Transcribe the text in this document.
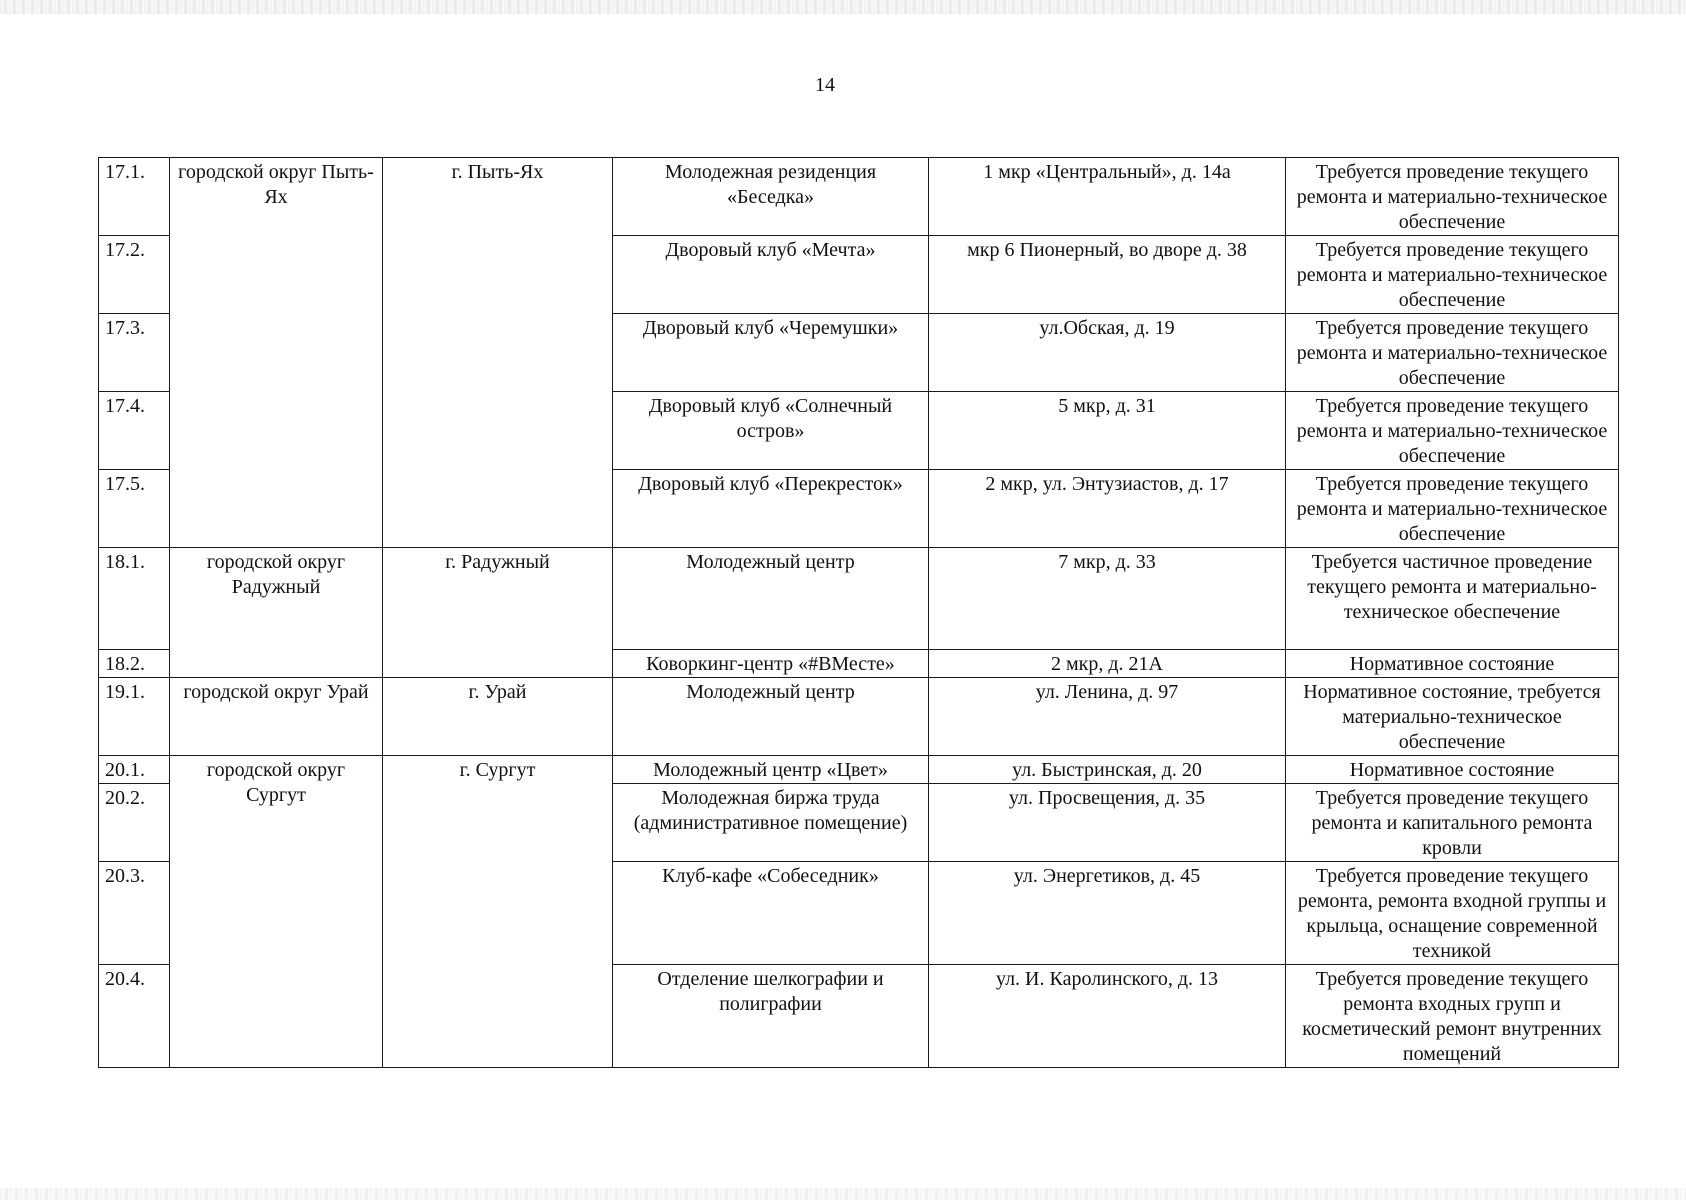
14
17.1.	городской округ Пыть-Ях	г. Пыть-Ях	Молодежная резиденция «Беседка»	1 мкр «Центральный», д. 14а	Требуется проведение текущего ремонта и материально-техническое обеспечение
17.2.			Дворовый клуб «Мечта»	мкр 6 Пионерный, во дворе д. 38	Требуется проведение текущего ремонта и материально-техническое обеспечение
17.3.			Дворовый клуб «Черемушки»	ул.Обская, д. 19	Требуется проведение текущего ремонта и материально-техническое обеспечение
17.4.			Дворовый клуб «Солнечный остров»	5 мкр, д. 31	Требуется проведение текущего ремонта и материально-техническое обеспечение
17.5.			Дворовый клуб «Перекресток»	2 мкр, ул. Энтузиастов, д. 17	Требуется проведение текущего ремонта и материально-техническое обеспечение
18.1.	городской округ Радужный	г. Радужный	Молодежный центр	7 мкр, д. 33	Требуется частичное проведение текущего ремонта и материально-техническое обеспечение
18.2.			Коворкинг-центр «#ВМесте»	2 мкр, д. 21А	Нормативное состояние
19.1.	городской округ Урай	г. Урай	Молодежный центр	ул. Ленина, д. 97	Нормативное состояние, требуется материально-техническое обеспечение
20.1.	городской округ Сургут	г. Сургут	Молодежный центр «Цвет»	ул. Быстринская, д. 20	Нормативное состояние
20.2.			Молодежная биржа труда (административное помещение)	ул. Просвещения, д. 35	Требуется проведение текущего ремонта и капитального ремонта кровли
20.3.			Клуб-кафе «Собеседник»	ул. Энергетиков, д. 45	Требуется проведение текущего ремонта, ремонта входной группы и крыльца, оснащение современной техникой
20.4.			Отделение шелкографии и полиграфии	ул. И. Каролинского, д. 13	Требуется проведение текущего ремонта входных групп и косметический ремонт внутренних помещений
